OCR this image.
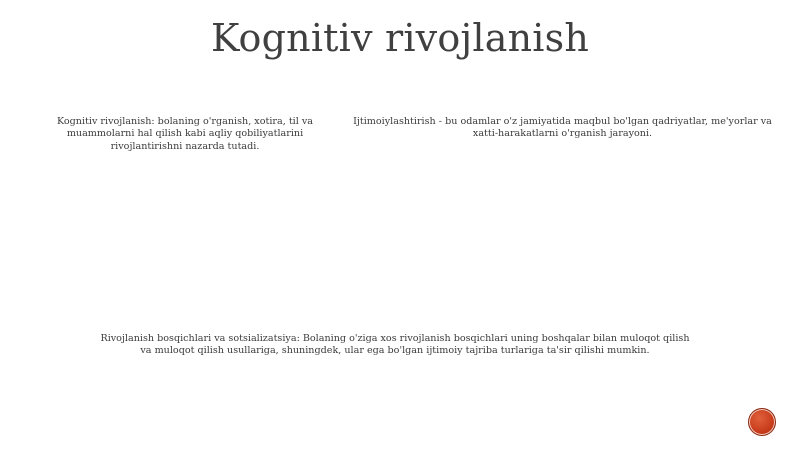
Kognitiv rivojlanish

Kognitiv rivojlanish: bolaning o'rganish, xotira, til va muammolarni hal qilish kabi aqliy qobiliyatlarini rivojlantirishni nazarda tutadi.

Ijtimoiylashtirish - bu odamlar o'z jamiyatida maqbul bo'lgan qadriyatlar, me'yorlar va xatti-harakatlarni o'rganish jarayoni.

Rivojlanish bosqichlari va sotsializatsiya: Bolaning o'ziga xos rivojlanish bosqichlari uning boshqalar bilan muloqot qilish va muloqot qilish usullariga, shuningdek, ular ega bo'lgan ijtimoiy tajriba turlariga ta'sir qilishi mumkin.
